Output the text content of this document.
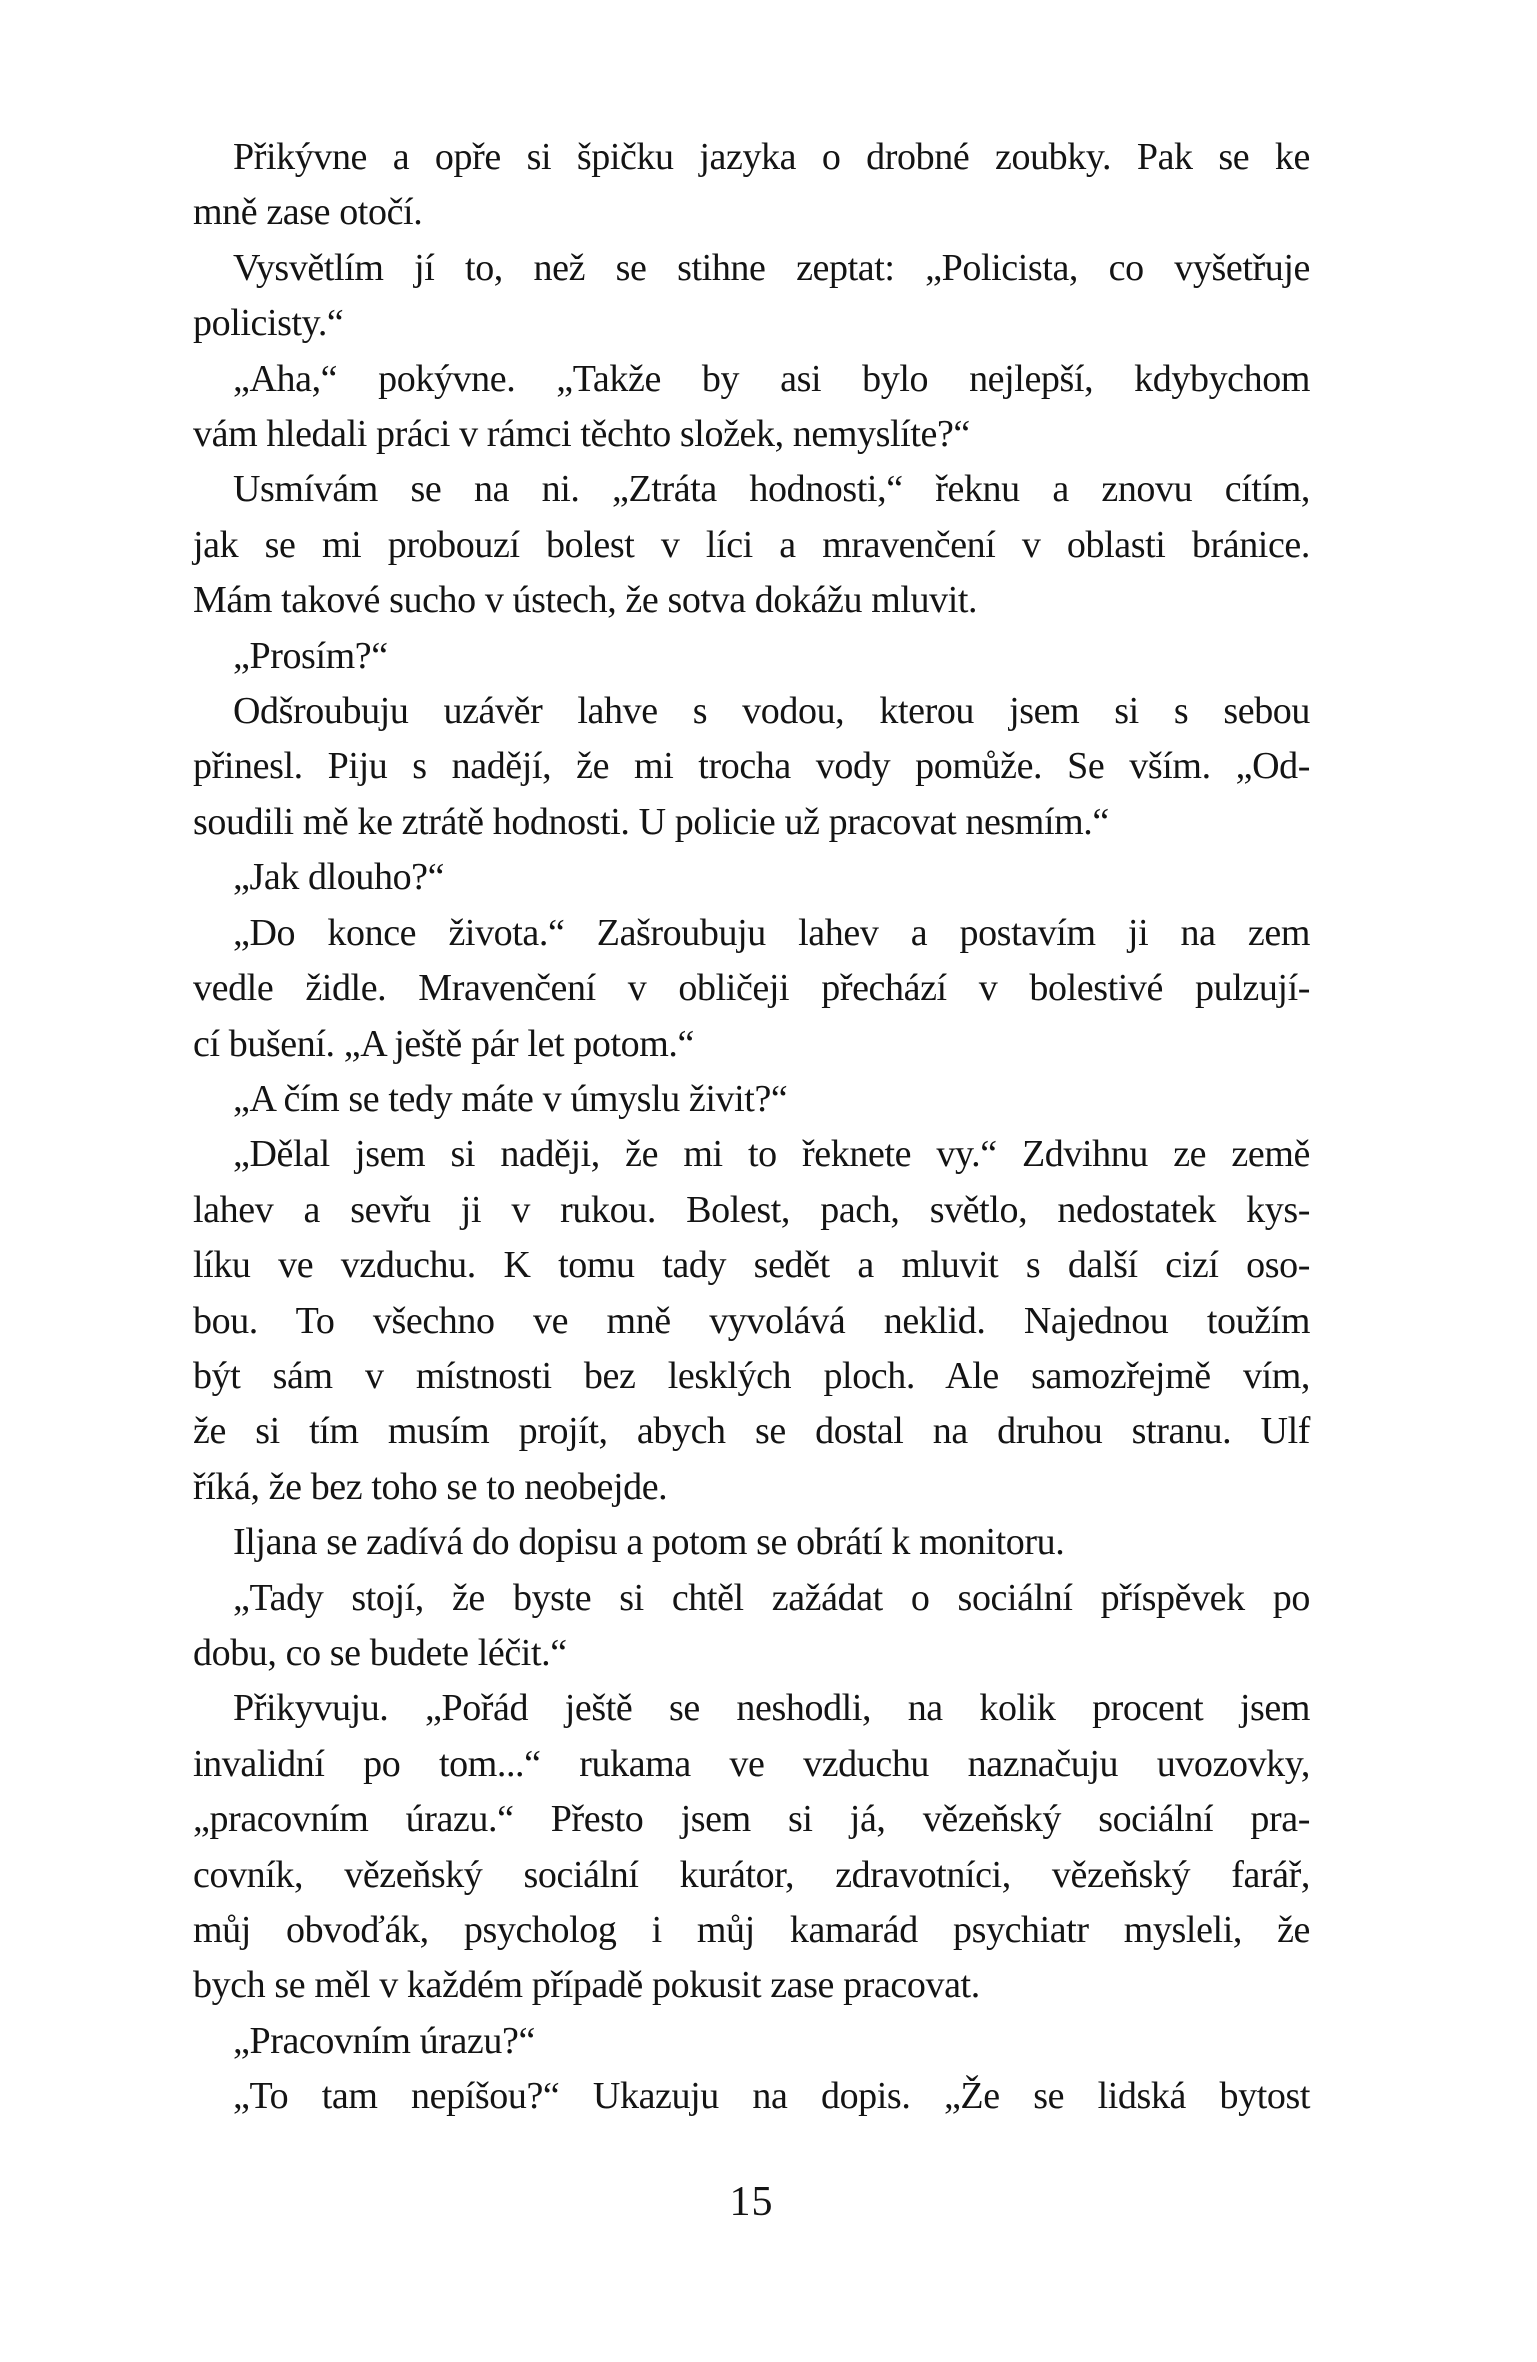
Přikývne a opře si špičku jazyka o drobné zoubky. Pak se ke
mně zase otočí.
Vysvětlím jí to, než se stihne zeptat: „Policista, co vyšetřuje
policisty.“
„Aha,“ pokývne. „Takže by asi bylo nejlepší, kdybychom
vám hledali práci v rámci těchto složek, nemyslíte?“
Usmívám se na ni. „Ztráta hodnosti,“ řeknu a znovu cítím,
jak se mi probouzí bolest v líci a mravenčení v oblasti bránice.
Mám takové sucho v ústech, že sotva dokážu mluvit.
„Prosím?“
Odšroubuju uzávěr lahve s vodou, kterou jsem si s sebou
přinesl. Piju s nadějí, že mi trocha vody pomůže. Se vším. „Od-
soudili mě ke ztrátě hodnosti. U policie už pracovat nesmím.“
„Jak dlouho?“
„Do konce života.“ Zašroubuju lahev a postavím ji na zem
vedle židle. Mravenčení v obličeji přechází v bolestivé pulzují-
cí bušení. „A ještě pár let potom.“
„A čím se tedy máte v úmyslu živit?“
„Dělal jsem si naději, že mi to řeknete vy.“ Zdvihnu ze země
lahev a sevřu ji v rukou. Bolest, pach, světlo, nedostatek kys-
líku ve vzduchu. K tomu tady sedět a mluvit s další cizí oso-
bou. To všechno ve mně vyvolává neklid. Najednou toužím
být sám v místnosti bez lesklých ploch. Ale samozřejmě vím,
že si tím musím projít, abych se dostal na druhou stranu. Ulf
říká, že bez toho se to neobejde.
Iljana se zadívá do dopisu a potom se obrátí k monitoru.
„Tady stojí, že byste si chtěl zažádat o sociální příspěvek po
dobu, co se budete léčit.“
Přikyvuju. „Pořád ještě se neshodli, na kolik procent jsem
invalidní po tom...“ rukama ve vzduchu naznačuju uvozovky,
„pracovním úrazu.“ Přesto jsem si já, vězeňský sociální pra-
covník, vězeňský sociální kurátor, zdravotníci, vězeňský farář,
můj obvoďák, psycholog i můj kamarád psychiatr mysleli, že
bych se měl v každém případě pokusit zase pracovat.
„Pracovním úrazu?“
„To tam nepíšou?“ Ukazuju na dopis. „Že se lidská bytost
15
